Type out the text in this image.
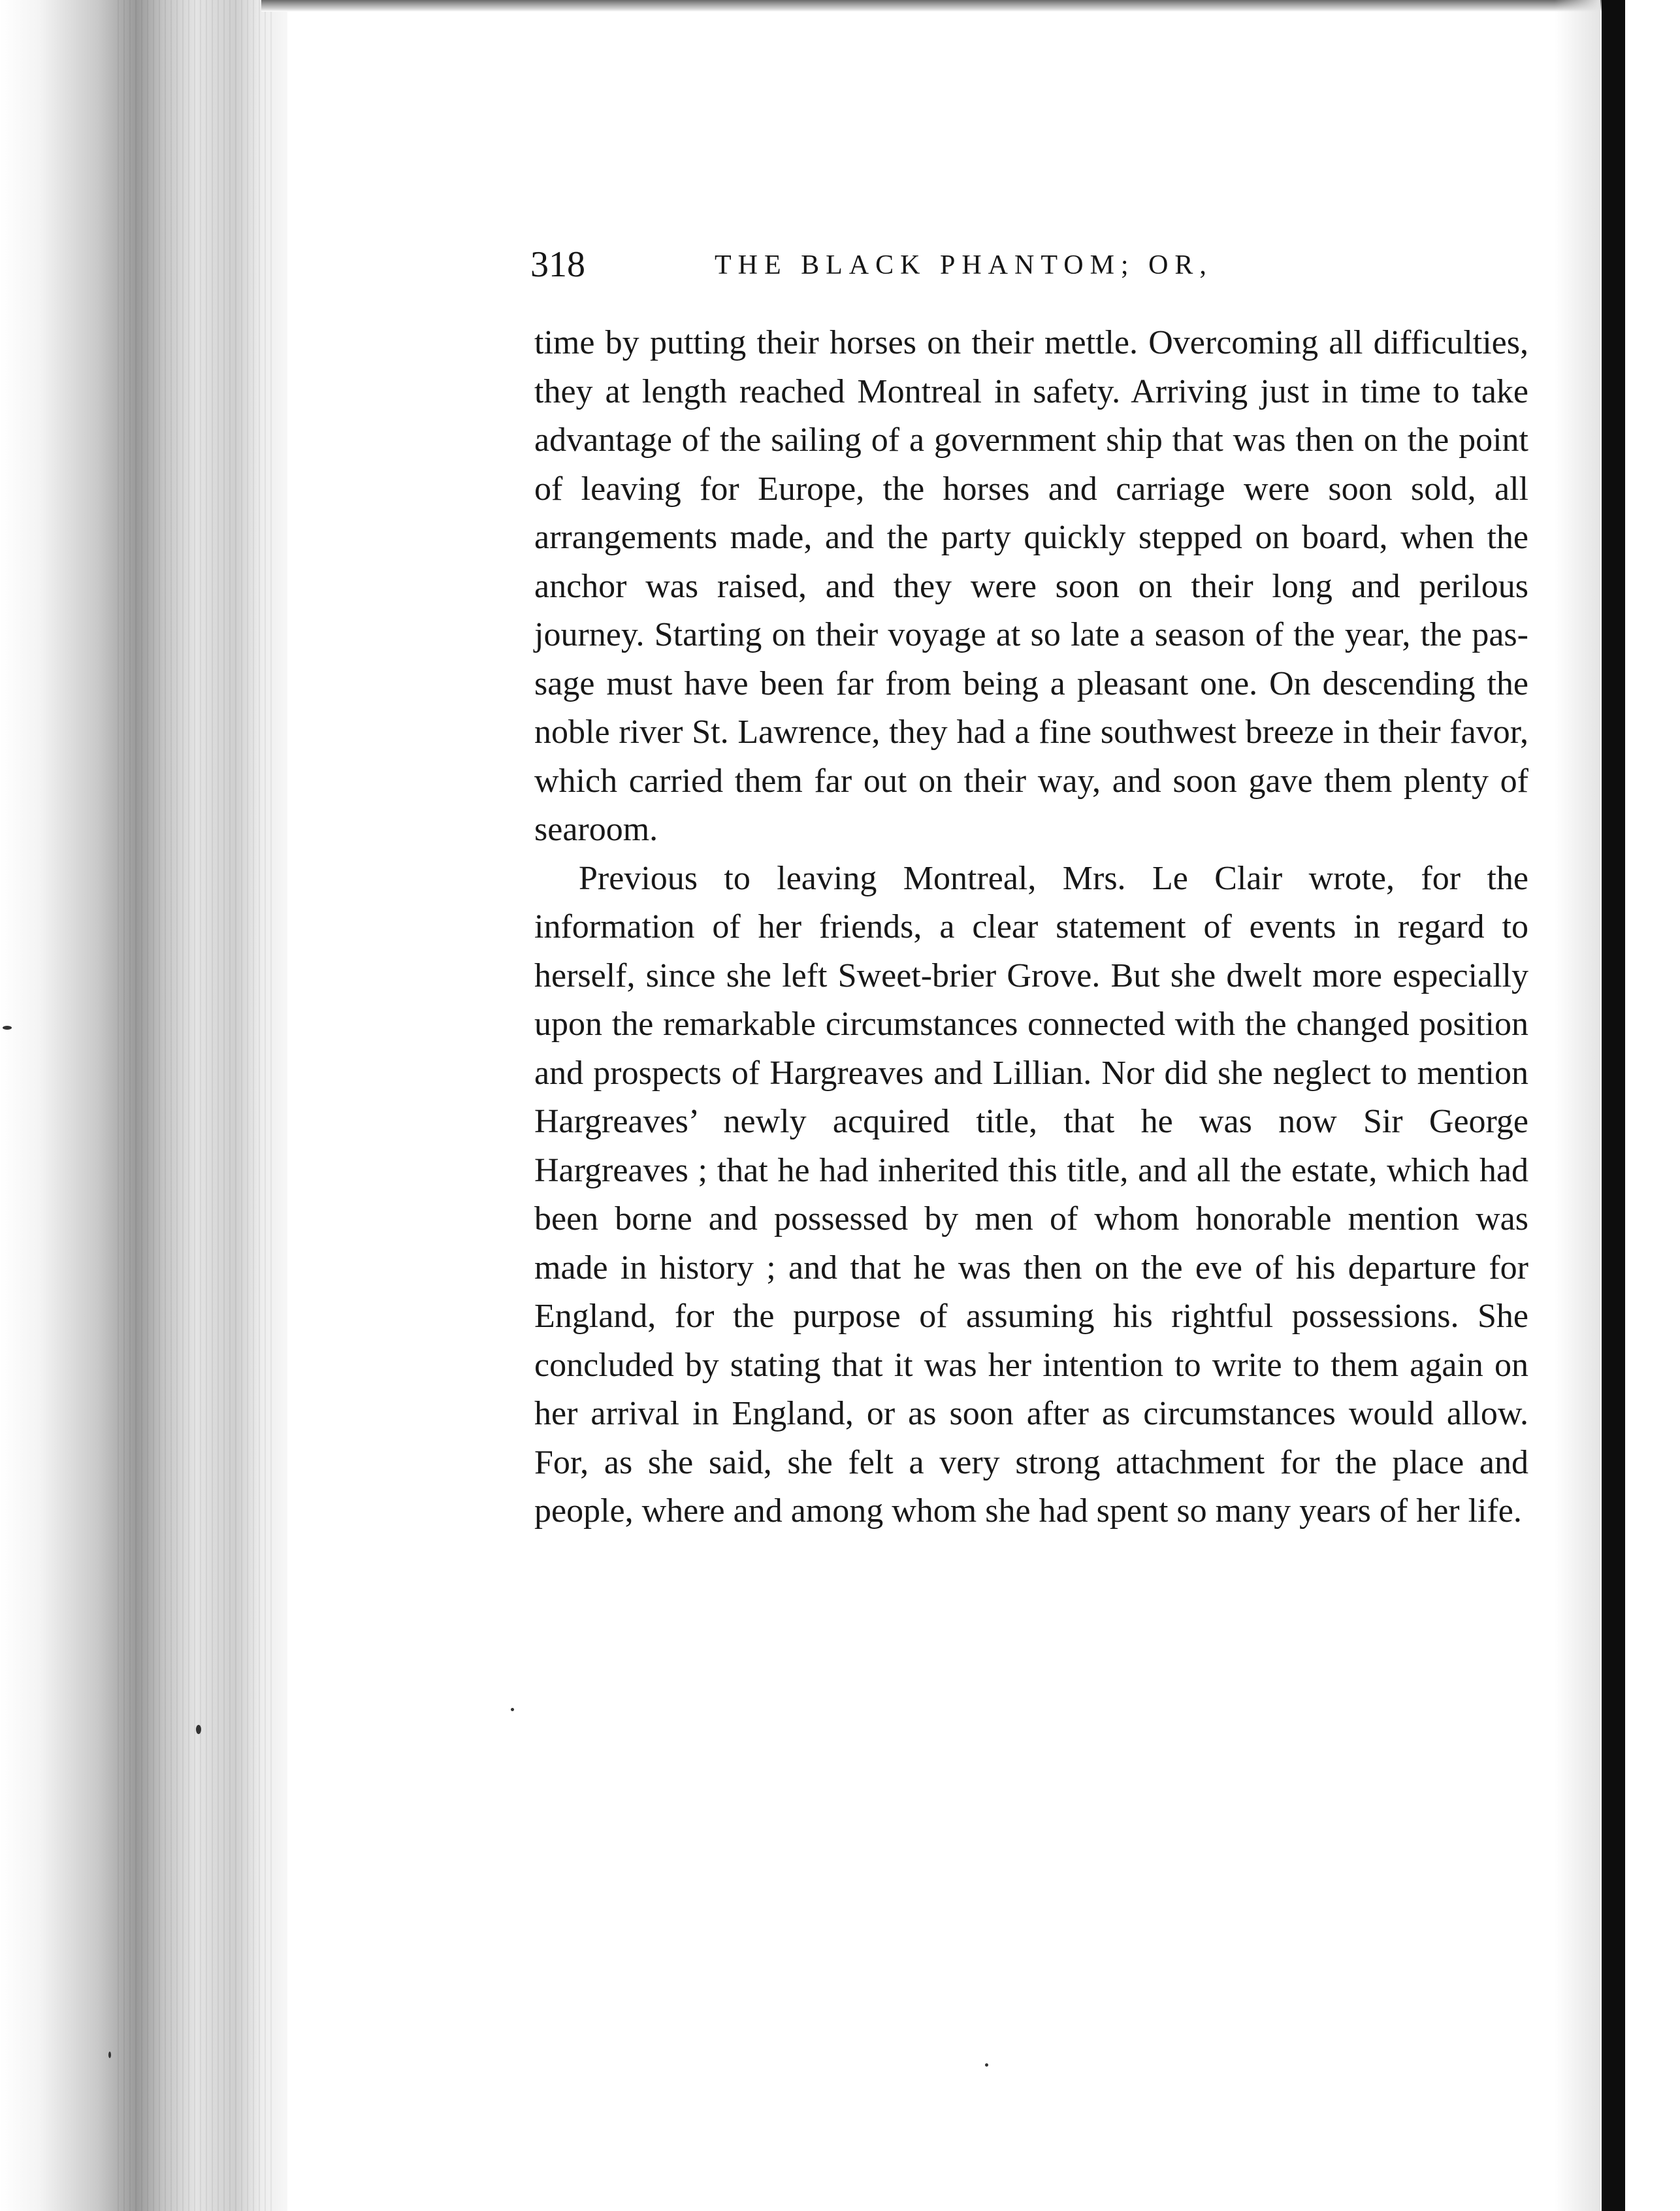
318	THE BLACK PHANTOM; OR,

time by putting their horses on their mettle. Overcoming all difficulties, they at length reached Montreal in safety. Arriving just in time to take advantage of the sailing of a government ship that was then on the point of leaving for Europe, the horses and carriage were soon sold, all arrangements made, and the party quickly stepped on board, when the anchor was raised, and they were soon on their long and perilous journey. Starting on their voyage at so late a season of the year, the passage must have been far from being a pleasant one. On descending the noble river St. Lawrence, they had a fine southwest breeze in their favor, which carried them far out on their way, and soon gave them plenty of searoom.

Previous to leaving Montreal, Mrs. Le Clair wrote, for the information of her friends, a clear statement of events in regard to herself, since she left Sweet-brier Grove. But she dwelt more especially upon the remarkable circumstances connected with the changed position and prospects of Hargreaves and Lillian. Nor did she neglect to mention Hargreaves’ newly acquired title, that he was now Sir George Hargreaves ; that he had inherited this title, and all the estate, which had been borne and possessed by men of whom honorable mention was made in history ; and that he was then on the eve of his departure for England, for the purpose of assuming his rightful possessions. She concluded by stating that it was her intention to write to them again on her arrival in England, or as soon after as circumstances would allow. For, as she said, she felt a very strong attachment for the place and people, where and among whom she had spent so many years of her life.
